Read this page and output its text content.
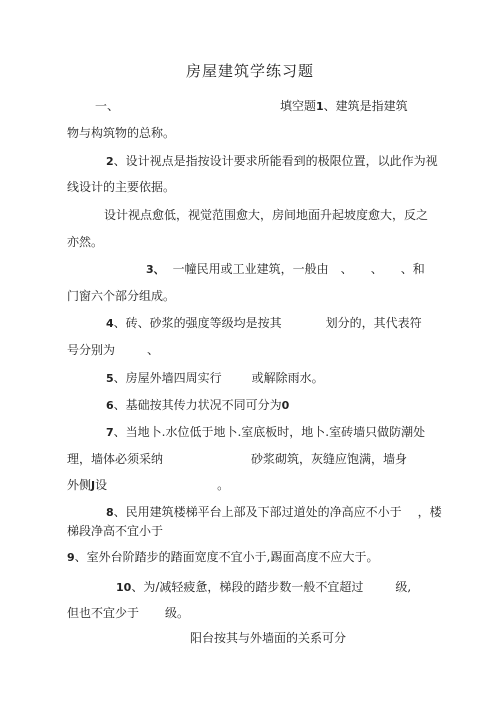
房屋建筑学练习题
一、	填空题1、建筑是指建筑
物与构筑物的总称。
2、设计视点是指按设计要求所能看到的极限位置，以此作为视
线设计的主要依据。
设计视点愈低，视觉范围愈大，房间地面升起坡度愈大，反之
亦然。
3、 一幢民用或工业建筑，一般由 、 、 、和
门窗六个部分组成。
4、砖、砂浆的强度等级均是按其	划分的，其代表符
号分别为	、
5、房屋外墙四周实行	或解除雨水。
6、基础按其传力状况不同可分为0
7、当地卜.水位低于地卜.室底板时，地卜.室砖墙只做防潮处
理，墙体必须采纳	砂浆砌筑，灰缝应饱满，墙身
外侧J设	。
8、民用建筑楼梯平台上部及下部过道处的净高应不小于 ，楼
梯段净高不宜小于
9、室外台阶踏步的踏面宽度不宜小于,踢面高度不应大于。
10、为/减轻疲惫，梯段的踏步数一般不宜超过	级,
但也不宜少于 级。
阳台按其与外墙面的关系可分
